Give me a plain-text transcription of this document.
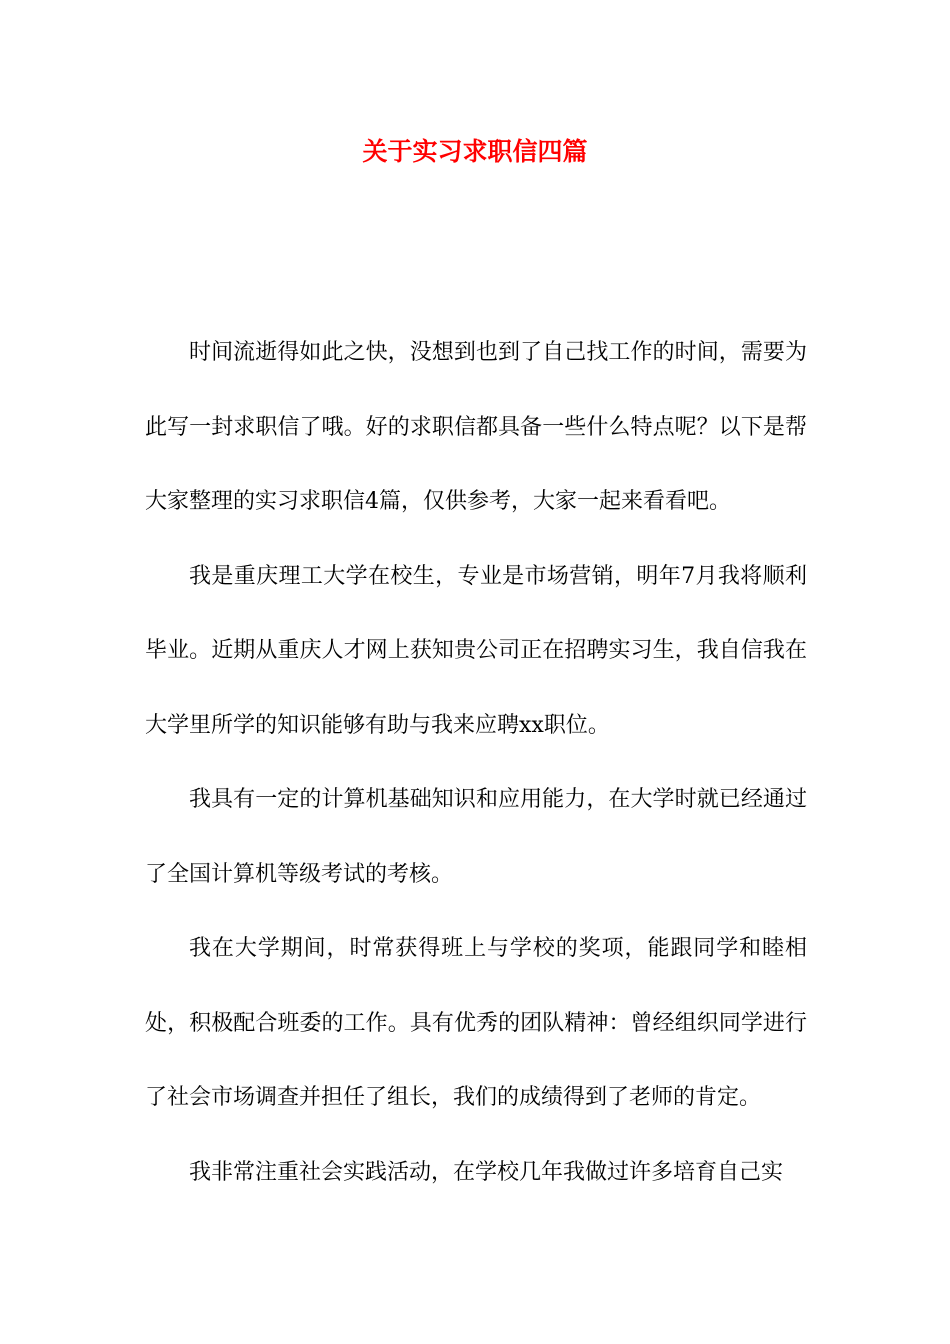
关于实习求职信四篇

时间流逝得如此之快，没想到也到了自己找工作的时间，需要为此写一封求职信了哦。好的求职信都具备一些什么特点呢？以下是帮大家整理的实习求职信4篇，仅供参考，大家一起来看看吧。

我是重庆理工大学在校生，专业是市场营销，明年7月我将顺利毕业。近期从重庆人才网上获知贵公司正在招聘实习生，我自信我在大学里所学的知识能够有助与我来应聘xx职位。

我具有一定的计算机基础知识和应用能力，在大学时就已经通过了全国计算机等级考试的考核。

我在大学期间，时常获得班上与学校的奖项，能跟同学和睦相处，积极配合班委的工作。具有优秀的团队精神：曾经组织同学进行了社会市场调查并担任了组长，我们的成绩得到了老师的肯定。

我非常注重社会实践活动，在学校几年我做过许多培育自己实
